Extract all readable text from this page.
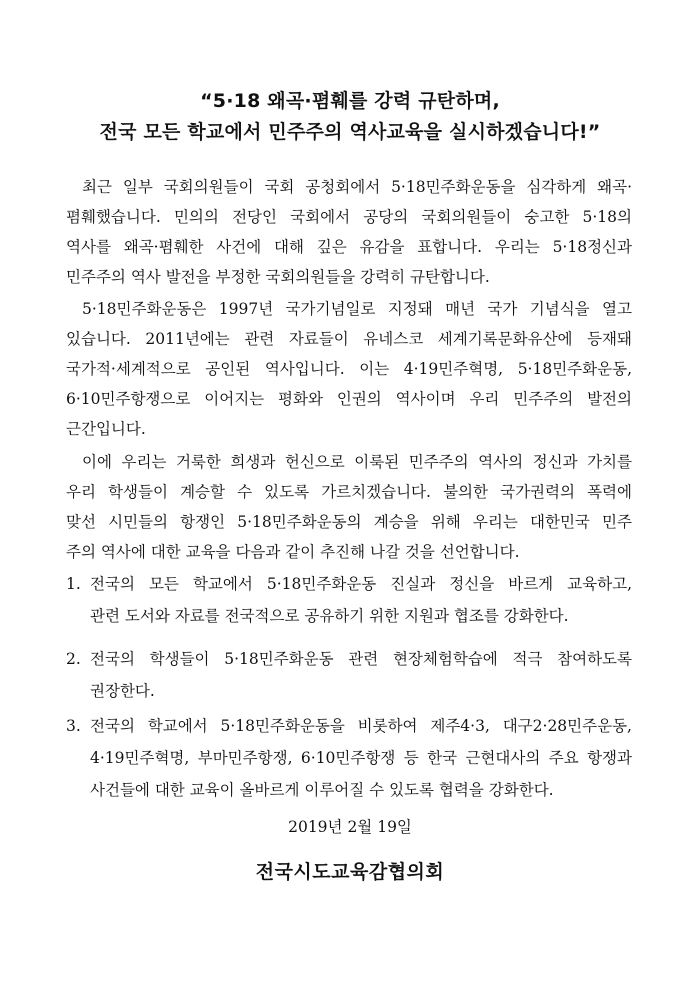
“5·18 왜곡·폄훼를 강력 규탄하며,
전국 모든 학교에서 민주주의 역사교육을 실시하겠습니다!”
최근 일부 국회의원들이 국회 공청회에서 5·18민주화운동을 심각하게 왜곡·
폄훼했습니다. 민의의 전당인 국회에서 공당의 국회의원들이 숭고한 5·18의
역사를 왜곡·폄훼한 사건에 대해 깊은 유감을 표합니다. 우리는 5·18정신과
민주주의 역사 발전을 부정한 국회의원들을 강력히 규탄합니다.
5·18민주화운동은 1997년 국가기념일로 지정돼 매년 국가 기념식을 열고
있습니다. 2011년에는 관련 자료들이 유네스코 세계기록문화유산에 등재돼
국가적·세계적으로 공인된 역사입니다. 이는 4·19민주혁명, 5·18민주화운동,
6·10민주항쟁으로 이어지는 평화와 인권의 역사이며 우리 민주주의 발전의
근간입니다.
이에 우리는 거룩한 희생과 헌신으로 이룩된 민주주의 역사의 정신과 가치를
우리 학생들이 계승할 수 있도록 가르치겠습니다. 불의한 국가권력의 폭력에
맞선 시민들의 항쟁인 5·18민주화운동의 계승을 위해 우리는 대한민국 민주
주의 역사에 대한 교육을 다음과 같이 추진해 나갈 것을 선언합니다.
1. 전국의 모든 학교에서 5·18민주화운동 진실과 정신을 바르게 교육하고,
관련 도서와 자료를 전국적으로 공유하기 위한 지원과 협조를 강화한다.
2. 전국의 학생들이 5·18민주화운동 관련 현장체험학습에 적극 참여하도록
권장한다.
3. 전국의 학교에서 5·18민주화운동을 비롯하여 제주4·3, 대구2·28민주운동,
4·19민주혁명, 부마민주항쟁, 6·10민주항쟁 등 한국 근현대사의 주요 항쟁과
사건들에 대한 교육이 올바르게 이루어질 수 있도록 협력을 강화한다.
2019년 2월 19일
전국시도교육감협의회
